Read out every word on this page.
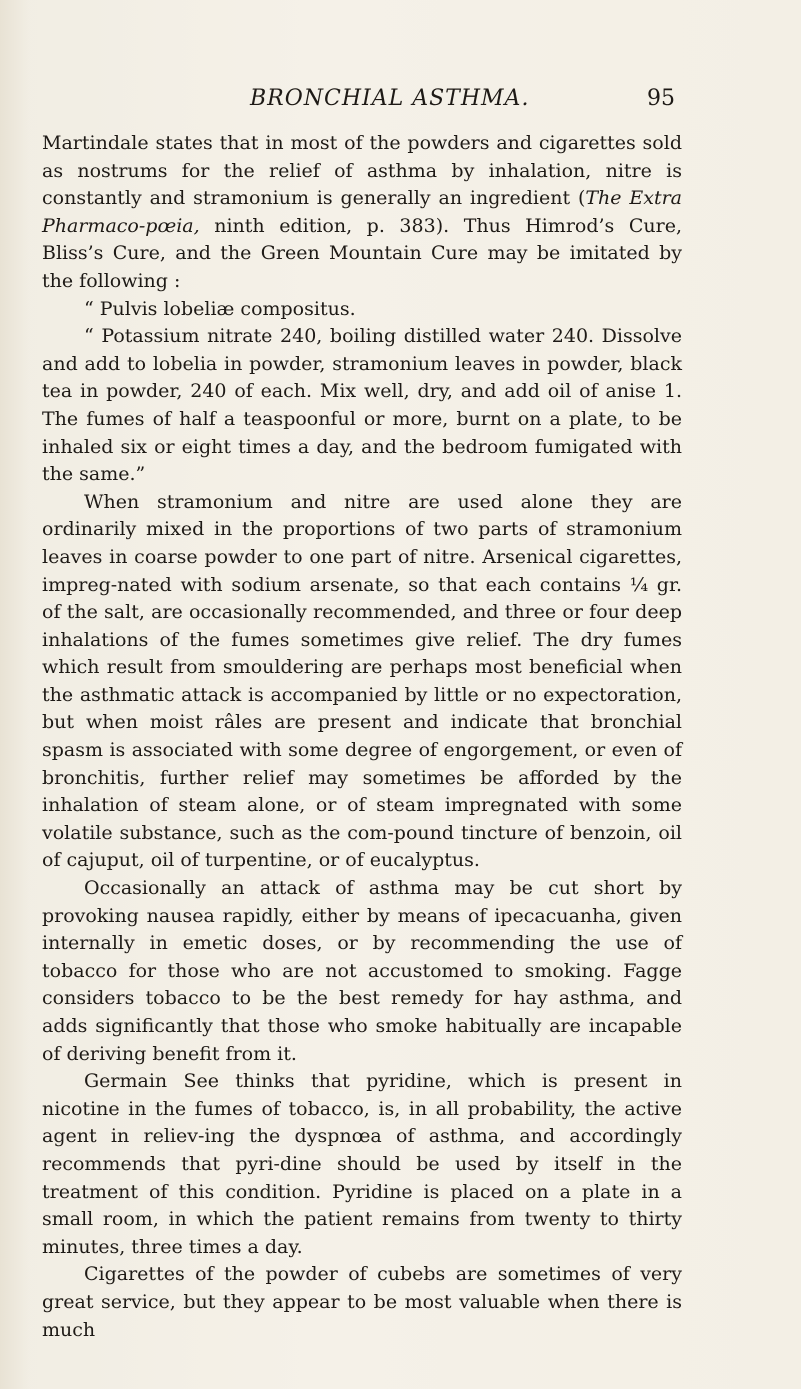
BRONCHIAL ASTHMA.	95

Martindale states that in most of the powders and cigarettes sold as nostrums for the relief of asthma by inhalation, nitre is constantly and stramonium is generally an ingredient (The Extra Pharmaco-pœia, ninth edition, p. 383). Thus Himrod’s Cure, Bliss’s Cure, and the Green Mountain Cure may be imitated by the following :

“ Pulvis lobeliæ compositus.

“ Potassium nitrate 240, boiling distilled water 240. Dissolve and add to lobelia in powder, stramonium leaves in powder, black tea in powder, 240 of each. Mix well, dry, and add oil of anise 1. The fumes of half a teaspoonful or more, burnt on a plate, to be inhaled six or eight times a day, and the bedroom fumigated with the same.”

When stramonium and nitre are used alone they are ordinarily mixed in the proportions of two parts of stramonium leaves in coarse powder to one part of nitre. Arsenical cigarettes, impreg-nated with sodium arsenate, so that each contains ⅟₄ gr. of the salt, are occasionally recommended, and three or four deep inhalations of the fumes sometimes give relief. The dry fumes which result from smouldering are perhaps most beneficial when the asthmatic attack is accompanied by little or no expectoration, but when moist râles are present and indicate that bronchial spasm is associated with some degree of engorgement, or even of bronchitis, further relief may sometimes be afforded by the inhalation of steam alone, or of steam impregnated with some volatile substance, such as the com-pound tincture of benzoin, oil of cajuput, oil of turpentine, or of eucalyptus.

Occasionally an attack of asthma may be cut short by provoking nausea rapidly, either by means of ipecacuanha, given internally in emetic doses, or by recommending the use of tobacco for those who are not accustomed to smoking. Fagge considers tobacco to be the best remedy for hay asthma, and adds significantly that those who smoke habitually are incapable of deriving benefit from it.

Germain See thinks that pyridine, which is present in nicotine in the fumes of tobacco, is, in all probability, the active agent in reliev-ing the dyspnœa of asthma, and accordingly recommends that pyri-dine should be used by itself in the treatment of this condition. Pyridine is placed on a plate in a small room, in which the patient remains from twenty to thirty minutes, three times a day.

Cigarettes of the powder of cubebs are sometimes of very great service, but they appear to be most valuable when there is much
